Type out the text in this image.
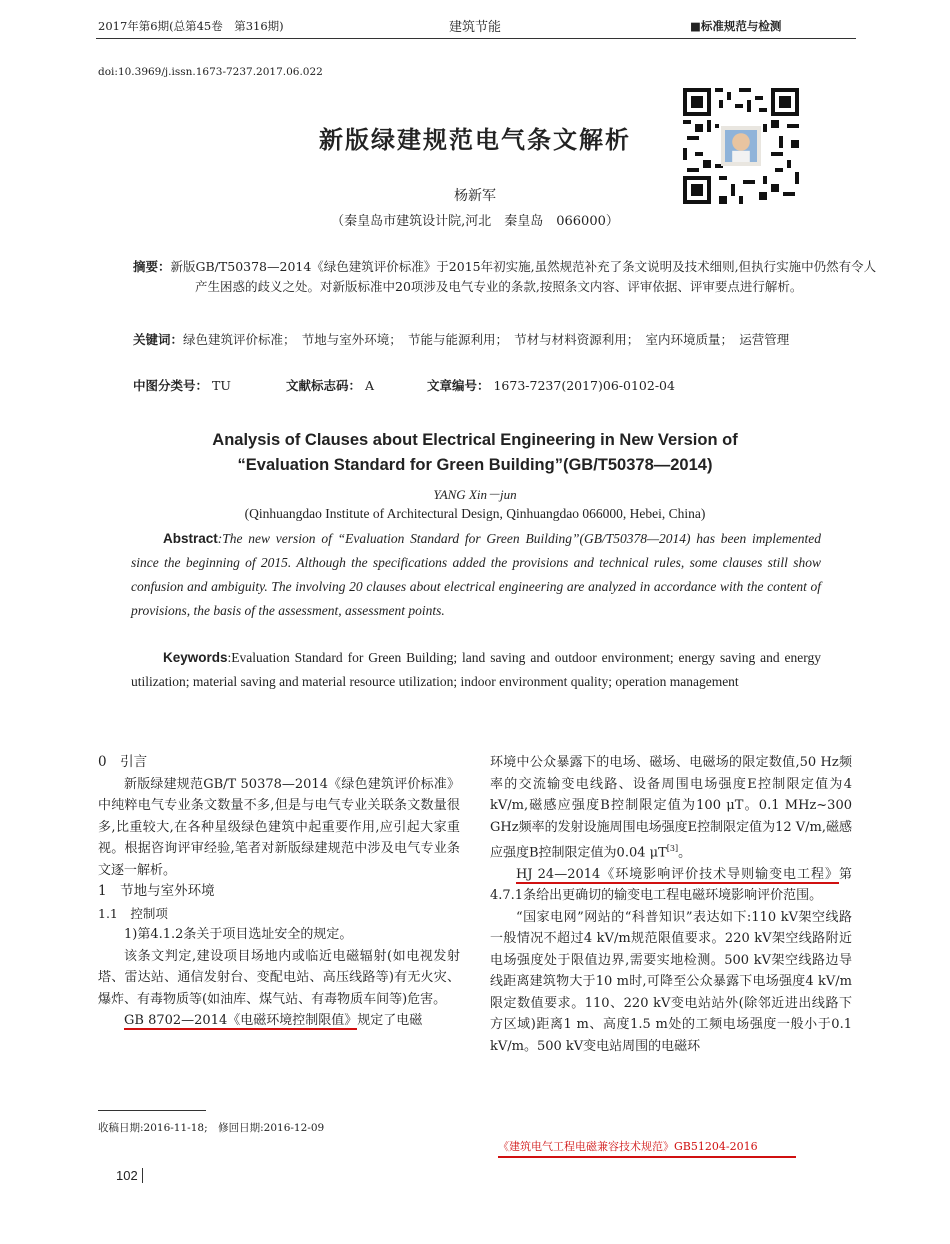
2017年第6期(总第45卷　第316期)	建筑节能	■标准规范与检测
doi:10.3969/j.issn.1673-7237.2017.06.022
新版绿建规范电气条文解析
杨新军
（秦皇岛市建筑设计院,河北　秦皇岛　066000）
摘要：新版GB/T50378—2014《绿色建筑评价标准》于2015年初实施,虽然规范补充了条文说明及技术细则,但执行实施中仍然有令人产生困惑的歧义之处。对新版标准中20项涉及电气专业的条款,按照条文内容、评审依据、评审要点进行解析。
关键词：绿色建筑评价标准；　节地与室外环境；　节能与能源利用；　节材与材料资源利用；　室内环境质量；　运营管理
中图分类号： TU	文献标志码： A	文章编号： 1673-7237(2017)06-0102-04
Analysis of Clauses about Electrical Engineering in New Version of
“Evaluation Standard for Green Building”(GB/T50378—2014)
YANG Xin－jun
(Qinhuangdao Institute of Architectural Design, Qinhuangdao 066000, Hebei, China)
Abstract:The new version of “Evaluation Standard for Green Building”(GB/T50378—2014) has been implemented since the beginning of 2015. Although the specifications added the provisions and technical rules, some clauses still show confusion and ambiguity. The involving 20 clauses about electrical engineering are analyzed in accordance with the content of provisions, the basis of the assessment, assessment points.
Keywords:Evaluation Standard for Green Building; land saving and outdoor environment; energy saving and energy utilization; material saving and material resource utilization; indoor environment quality; operation management

0　引言

新版绿建规范GB/T 50378—2014《绿色建筑评价标准》中纯粹电气专业条文数量不多,但是与电气专业关联条文数量很多,比重较大,在各种星级绿色建筑中起重要作用,应引起大家重视。根据咨询评审经验,笔者对新版绿建规范中涉及电气专业条文逐一解析。

1　节地与室外环境

1.1　控制项

1)第4.1.2条关于项目选址安全的规定。

该条文判定,建设项目场地内或临近电磁辐射(如电视发射塔、雷达站、通信发射台、变配电站、高压线路等)有无火灾、爆炸、有毒物质等(如油库、煤气站、有毒物质车间等)危害。

GB 8702—2014《电磁环境控制限值》规定了电磁

环境中公众暴露下的电场、磁场、电磁场的限定数值,50 Hz频率的交流输变电线路、设备周围电场强度E控制限定值为4 kV/m,磁感应强度B控制限定值为100 μT。0.1 MHz~300 GHz频率的发射设施周围电场强度E控制限定值为12 V/m,磁感应强度B控制限定值为0.04 μT[3]。

HJ 24—2014《环境影响评价技术导则输变电工程》第4.7.1条给出更确切的输变电工程电磁环境影响评价范围。

“国家电网”网站的“科普知识”表达如下:110 kV架空线路一般情况不超过4 kV/m规范限值要求。220 kV架空线路附近电场强度处于限值边界,需要实地检测。500 kV架空线路边导线距离建筑物大于10 m时,可降至公众暴露下电场强度4 kV/m限定数值要求。110、220 kV变电站站外(除邻近进出线路下方区域)距离1 m、高度1.5 m处的工频电场强度一般小于0.1 kV/m。500 kV变电站周围的电磁环

《建筑电气工程电磁兼容技术规范》GB51204-2016
收稿日期:2016-11-18;　修回日期:2016-12-09
102
